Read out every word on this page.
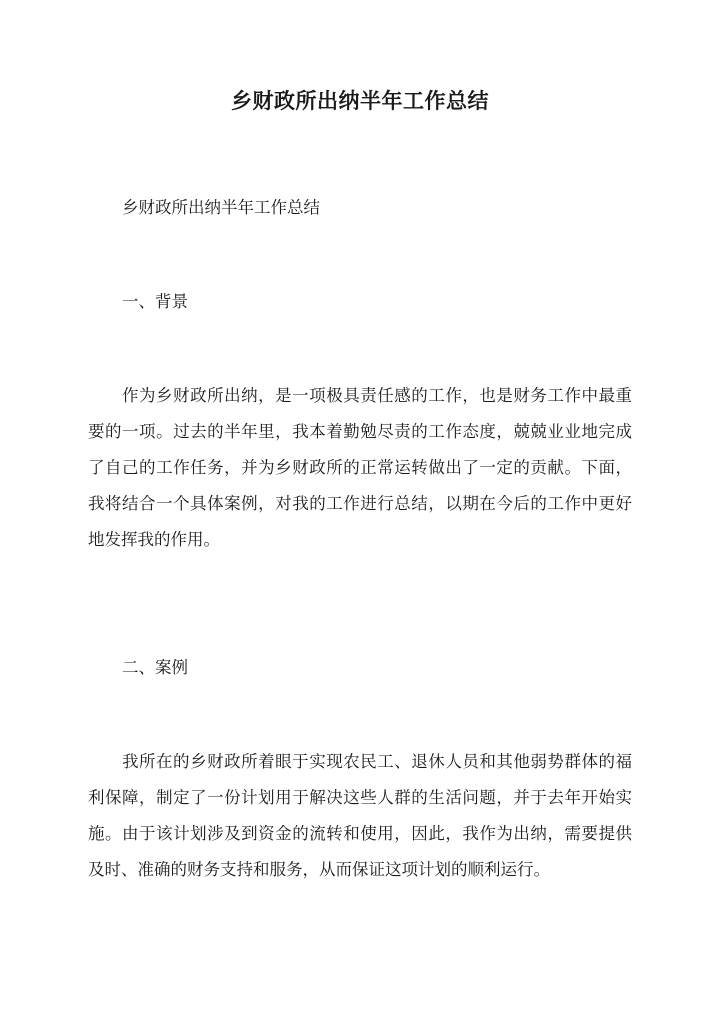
乡财政所出纳半年工作总结
乡财政所出纳半年工作总结
一、背景

作为乡财政所出纳，是一项极具责任感的工作，也是财务工作中最重要的一项。过去的半年里，我本着勤勉尽责的工作态度，兢兢业业地完成了自己的工作任务，并为乡财政所的正常运转做出了一定的贡献。下面，我将结合一个具体案例，对我的工作进行总结，以期在今后的工作中更好地发挥我的作用。

二、案例

我所在的乡财政所着眼于实现农民工、退休人员和其他弱势群体的福利保障，制定了一份计划用于解决这些人群的生活问题，并于去年开始实施。由于该计划涉及到资金的流转和使用，因此，我作为出纳，需要提供及时、准确的财务支持和服务，从而保证这项计划的顺利运行。
